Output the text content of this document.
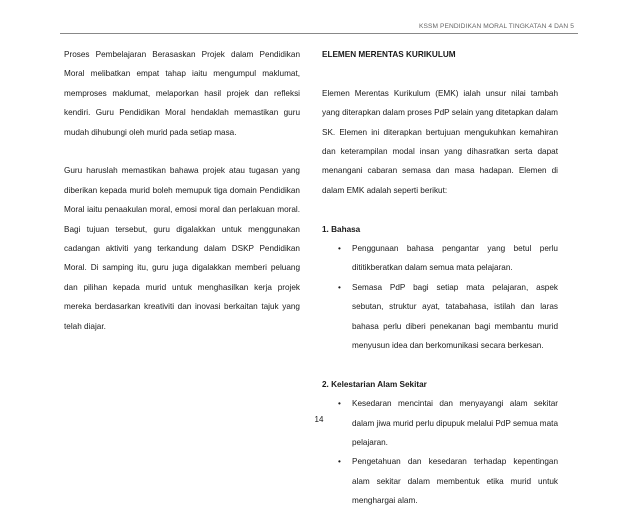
KSSM PENDIDIKAN MORAL TINGKATAN 4 DAN 5

Proses Pembelajaran Berasaskan Projek dalam Pendidikan Moral melibatkan empat tahap iaitu mengumpul maklumat, memproses maklumat, melaporkan hasil projek dan refleksi kendiri. Guru Pendidikan Moral hendaklah memastikan guru mudah dihubungi oleh murid pada setiap masa.

Guru haruslah memastikan bahawa projek atau tugasan yang diberikan kepada murid boleh memupuk tiga domain Pendidikan Moral iaitu penaakulan moral, emosi moral dan perlakuan moral. Bagi tujuan tersebut, guru digalakkan untuk menggunakan cadangan aktiviti yang terkandung dalam DSKP Pendidikan Moral. Di samping itu, guru juga digalakkan memberi peluang dan pilihan kepada murid untuk menghasilkan kerja projek mereka berdasarkan kreativiti dan inovasi berkaitan tajuk yang telah diajar.

ELEMEN MERENTAS KURIKULUM

Elemen Merentas Kurikulum (EMK) ialah unsur nilai tambah yang diterapkan dalam proses PdP selain yang ditetapkan dalam SK. Elemen ini diterapkan bertujuan mengukuhkan kemahiran dan keterampilan modal insan yang dihasratkan serta dapat menangani cabaran semasa dan masa hadapan. Elemen di dalam EMK adalah seperti berikut:

1. Bahasa

• Penggunaan bahasa pengantar yang betul perlu dititikberatkan dalam semua mata pelajaran.
• Semasa PdP bagi setiap mata pelajaran, aspek sebutan, struktur ayat, tatabahasa, istilah dan laras bahasa perlu diberi penekanan bagi membantu murid menyusun idea dan berkomunikasi secara berkesan.

2. Kelestarian Alam Sekitar

• Kesedaran mencintai dan menyayangi alam sekitar dalam jiwa murid perlu dipupuk melalui PdP semua mata pelajaran.
• Pengetahuan dan kesedaran terhadap kepentingan alam sekitar dalam membentuk etika murid untuk menghargai alam.
14
